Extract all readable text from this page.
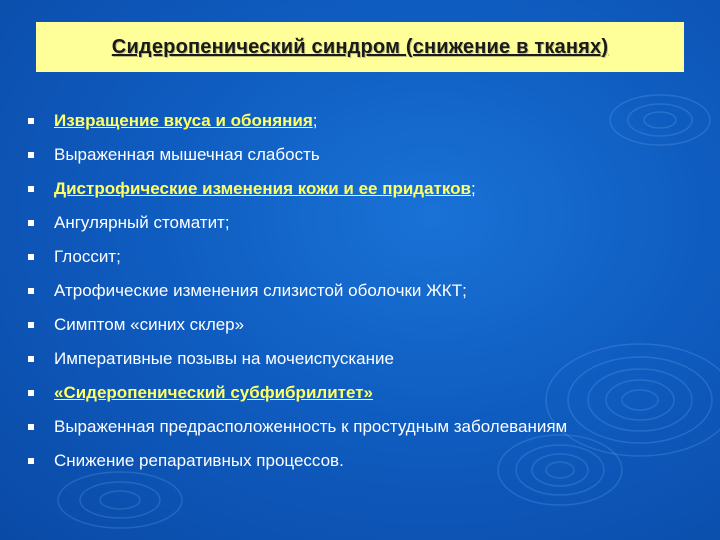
Сидеропенический синдром (снижение в тканях)
Извращение вкуса и обоняния ;
Выраженная мышечная слабость
Дистрофические изменения кожи и ее придатков ;
Ангулярный стоматит;
Глоссит;
Атрофические изменения слизистой оболочки ЖКТ;
Симптом «синих склер»
Императивные позывы на мочеиспускание
«Сидеропенический субфибрилитет»
Выраженная предрасположенность к простудным заболеваниям
Снижение репаративных процессов.
